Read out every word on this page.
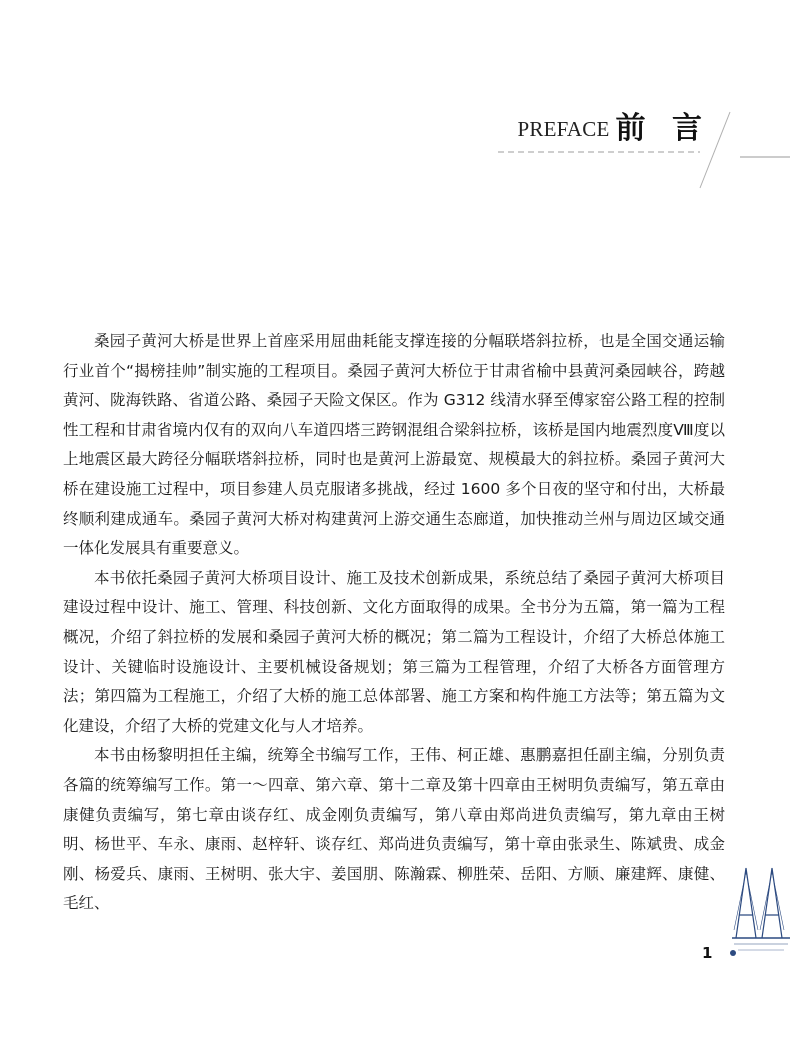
PREFACE 前 言

桑园子黄河大桥是世界上首座采用屈曲耗能支撑连接的分幅联塔斜拉桥，也是全国交通运输行业首个“揭榜挂帅”制实施的工程项目。桑园子黄河大桥位于甘肃省榆中县黄河桑园峡谷，跨越黄河、陇海铁路、省道公路、桑园子天险文保区。作为 G312 线清水驿至傅家窑公路工程的控制性工程和甘肃省境内仅有的双向八车道四塔三跨钢混组合梁斜拉桥，该桥是国内地震烈度Ⅷ度以上地震区最大跨径分幅联塔斜拉桥，同时也是黄河上游最宽、规模最大的斜拉桥。桑园子黄河大桥在建设施工过程中，项目参建人员克服诸多挑战，经过 1600 多个日夜的坚守和付出，大桥最终顺利建成通车。桑园子黄河大桥对构建黄河上游交通生态廊道，加快推动兰州与周边区域交通一体化发展具有重要意义。

本书依托桑园子黄河大桥项目设计、施工及技术创新成果，系统总结了桑园子黄河大桥项目建设过程中设计、施工、管理、科技创新、文化方面取得的成果。全书分为五篇，第一篇为工程概况，介绍了斜拉桥的发展和桑园子黄河大桥的概况；第二篇为工程设计，介绍了大桥总体施工设计、关键临时设施设计、主要机械设备规划；第三篇为工程管理，介绍了大桥各方面管理方法；第四篇为工程施工，介绍了大桥的施工总体部署、施工方案和构件施工方法等；第五篇为文化建设，介绍了大桥的党建文化与人才培养。

本书由杨黎明担任主编，统筹全书编写工作，王伟、柯正雄、惠鹏嘉担任副主编，分别负责各篇的统筹编写工作。第一～四章、第六章、第十二章及第十四章由王树明负责编写，第五章由康健负责编写，第七章由谈存红、成金刚负责编写，第八章由郑尚进负责编写，第九章由王树明、杨世平、车永、康雨、赵梓轩、谈存红、郑尚进负责编写，第十章由张录生、陈斌贵、成金刚、杨爱兵、康雨、王树明、张大宇、姜国朋、陈瀚霖、柳胜荣、岳阳、方顺、廉建辉、康健、毛红、

1
